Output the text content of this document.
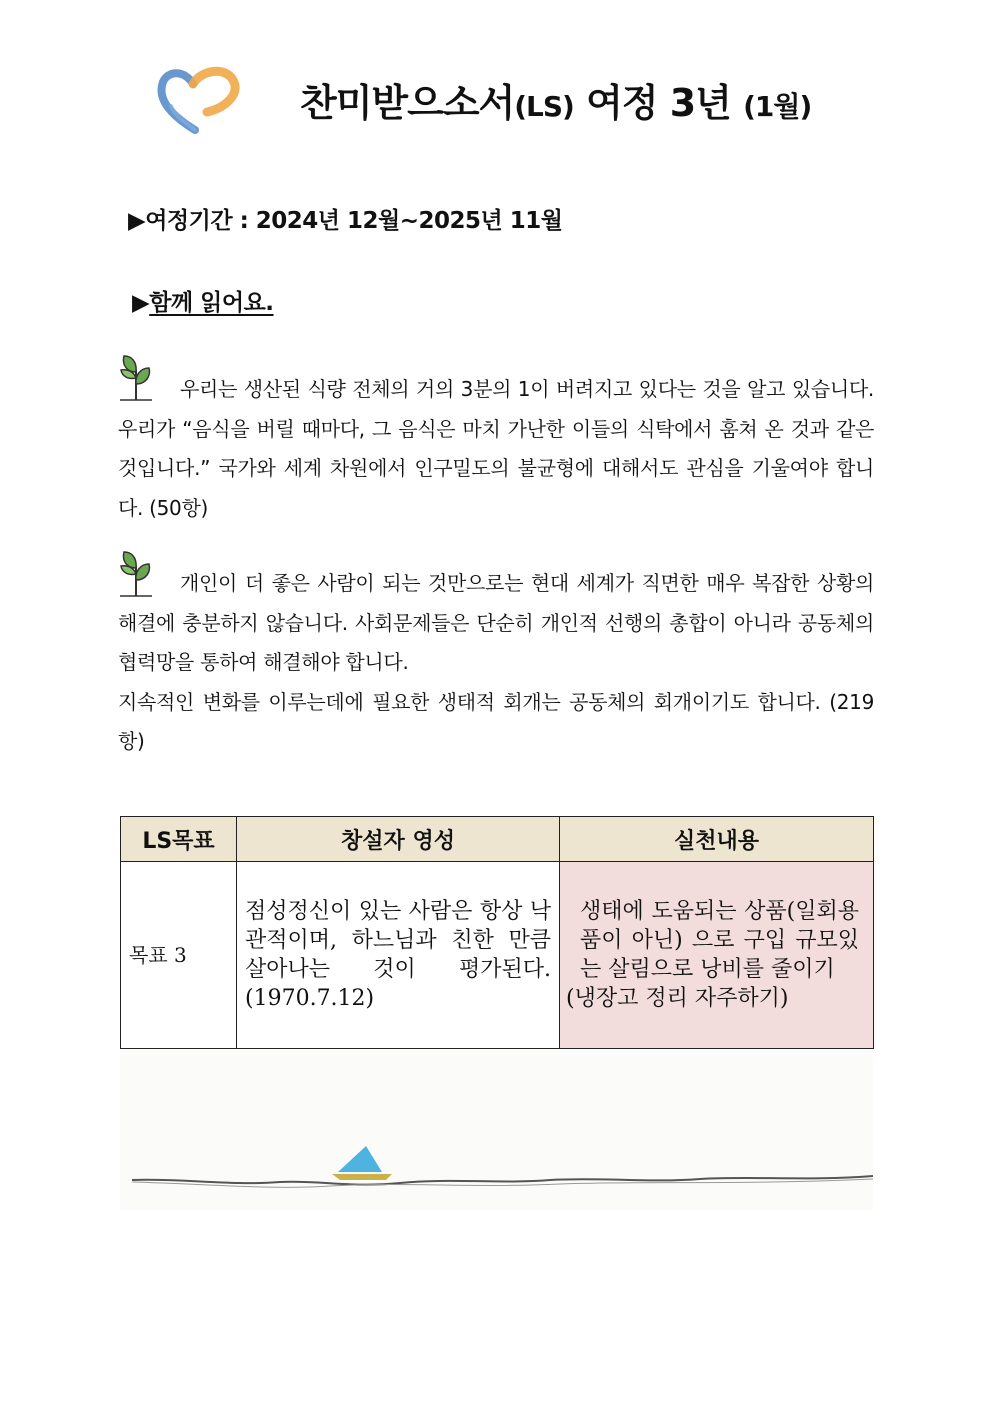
찬미받으소서(LS) 여정 3년 (1월)
▶여정기간 : 2024년 12월~2025년 11월
▶함께 읽어요.
우리는 생산된 식량 전체의 거의 3분의 1이 버려지고 있다는 것을 알고 있습니다. 우리가 “음식을 버릴 때마다, 그 음식은 마치 가난한 이들의 식탁에서 훔쳐 온 것과 같은 것입니다.” 국가와 세계 차원에서 인구밀도의 불균형에 대해서도 관심을 기울여야 합니다. (50항)
개인이 더 좋은 사람이 되는 것만으로는 현대 세계가 직면한 매우 복잡한 상황의 해결에 충분하지 않습니다. 사회문제들은 단순히 개인적 선행의 총합이 아니라 공동체의 협력망을 통하여 해결해야 합니다.
지속적인 변화를 이루는데에 필요한 생태적 회개는 공동체의 회개이기도 합니다. (219항)
LS목표	창설자 영성	실천내용
목표 3	점성정신이 있는 사람은 항상 낙관적이며, 하느님과 친한 만큼 살아나는 것이 평가된다. (1970.7.12)	생태에 도움되는 상품(일회용품이 아닌) 으로 구입 규모있는 살림으로 낭비를 줄이기
(냉장고 정리 자주하기)
